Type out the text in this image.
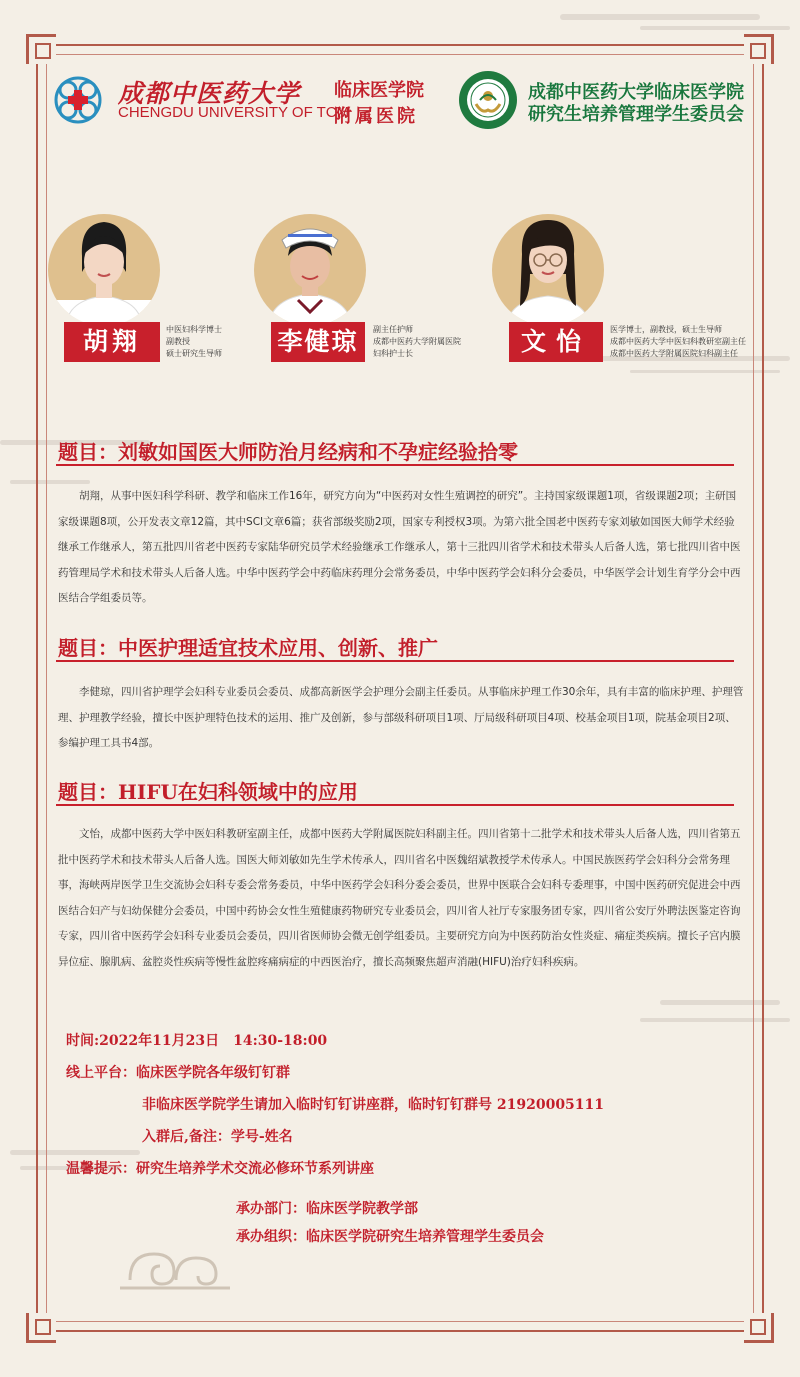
成都中医药大学
CHENGDU UNIVERSITY OF TCM
临床医学院
附属医院
成都中医药大学临床医学院
研究生培养管理学生委员会
胡翔	中医妇科学博士
副教授
硕士研究生导师 李健琼	副主任护师
成都中医药大学附属医院
妇科护士长	文怡	医学博士，副教授，硕士生导师
成都中医药大学中医妇科教研室副主任
成都中医药大学附属医院妇科副主任
题目：刘敏如国医大师防治月经病和不孕症经验拾零

胡翔，从事中医妇科学科研、教学和临床工作16年，研究方向为“中医药对女性生殖调控的研究”。主持国家级课题1项，省级课题2项；主研国家级课题8项，公开发表文章12篇，其中SCI文章6篇；获省部级奖励2项，国家专利授权3项。为第六批全国老中医药专家刘敏如国医大师学术经验继承工作继承人，第五批四川省老中医药专家陆华研究员学术经验继承工作继承人，第十三批四川省学术和技术带头人后备人选，第七批四川省中医药管理局学术和技术带头人后备人选。中华中医药学会中药临床药理分会常务委员，中华中医药学会妇科分会委员，中华医学会计划生育学分会中西医结合学组委员等。

题目：中医护理适宜技术应用、创新、推广

李健琼，四川省护理学会妇科专业委员会委员、成都高新医学会护理分会副主任委员。从事临床护理工作30余年，具有丰富的临床护理、护理管理、护理教学经验，擅长中医护理特色技术的运用、推广及创新，参与部级科研项目1项、厅局级科研项目4项、校基金项目1项，院基金项目2项、参编护理工具书4部。

题目：HIFU在妇科领域中的应用

文怡，成都中医药大学中医妇科教研室副主任，成都中医药大学附属医院妇科副主任。四川省第十二批学术和技术带头人后备人选，四川省第五批中医药学术和技术带头人后备人选。国医大师刘敏如先生学术传承人，四川省名中医魏绍斌教授学术传承人。中国民族医药学会妇科分会常务理事，海峡两岸医学卫生交流协会妇科专委会常务委员，中华中医药学会妇科分委会委员，世界中医联合会妇科专委理事，中国中医药研究促进会中西医结合妇产与妇幼保健分会委员，中国中药协会女性生殖健康药物研究专业委员会，四川省人社厅专家服务团专家，四川省公安厅外聘法医鉴定咨询专家，四川省中医药学会妇科专业委员会委员，四川省医师协会微无创学组委员。主要研究方向为中医药防治女性炎症、痛症类疾病。擅长子宫内膜异位症、腺肌病、盆腔炎性疾病等慢性盆腔疼痛病症的中西医治疗，擅长高频聚焦超声消融(HIFU)治疗妇科疾病。

时间:2022年11月23日　14:30-18:00
线上平台：临床医学院各年级钉钉群
非临床医学院学生请加入临时钉钉讲座群，临时钉钉群号 21920005111
入群后,备注：学号-姓名
温馨提示：研究生培养学术交流必修环节系列讲座
承办部门：临床医学院教学部
承办组织：临床医学院研究生培养管理学生委员会
